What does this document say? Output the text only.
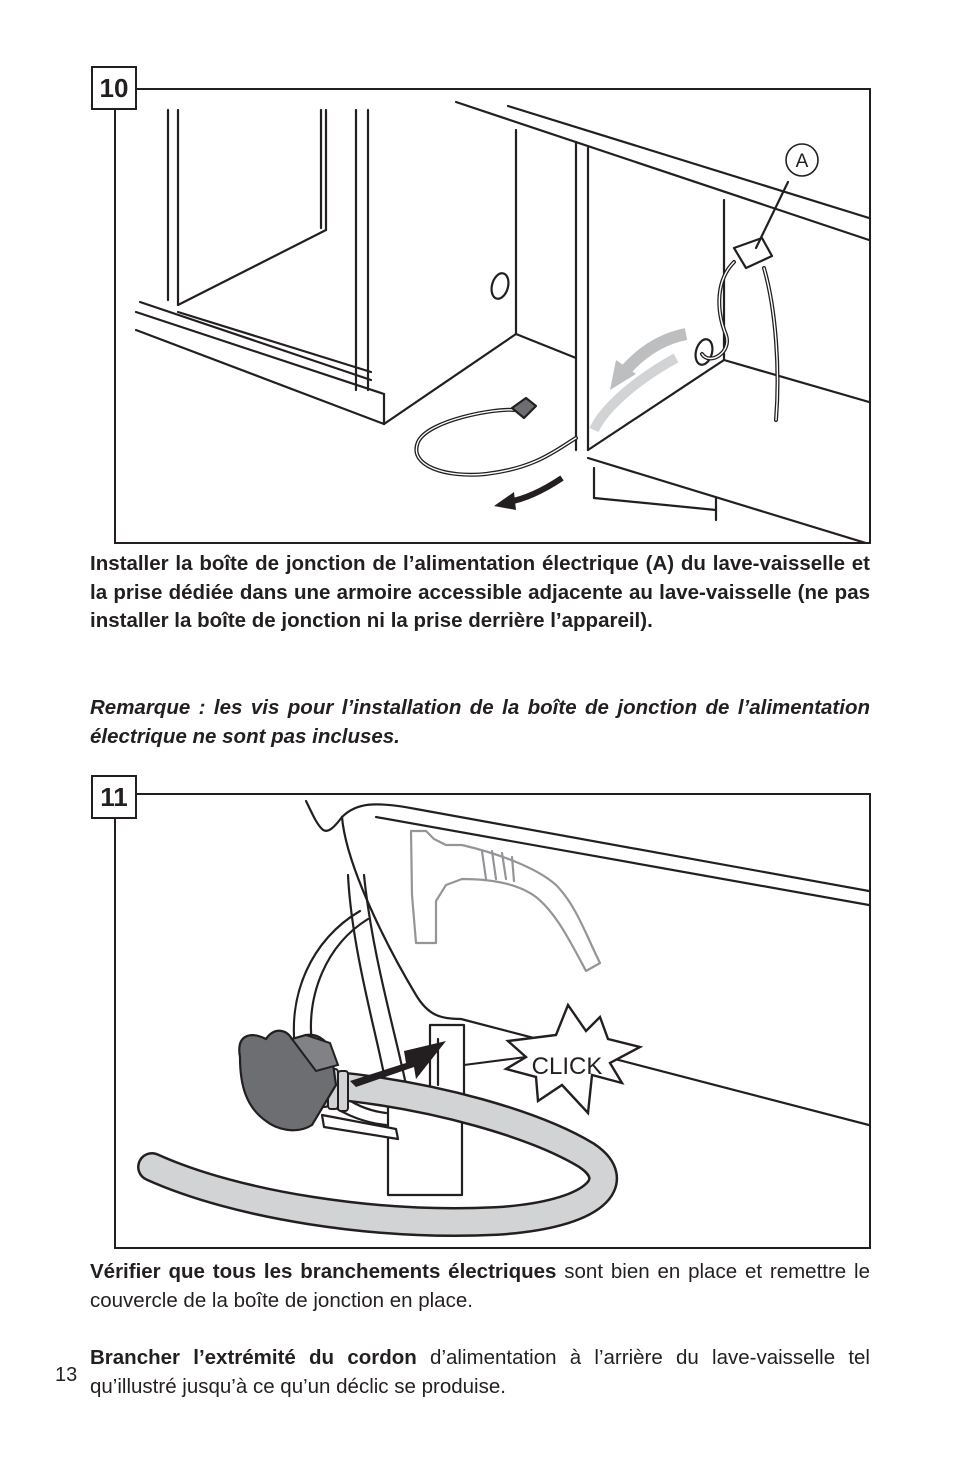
A
10

Installer la boîte de jonction de l’alimentation électrique (A) du lave-vaisselle et la prise dédiée dans une armoire accessible adjacente au lave-vaisselle (ne pas installer la boîte de jonction ni la prise derrière l’appareil).

Remarque : les vis pour l’installation de la boîte de jonction de l’alimentation électrique ne sont pas incluses.

CLICK
11

Vérifier que tous les branchements électriques sont bien en place et remettre le couvercle de la boîte de jonction en place.

Brancher l’extrémité du cordon d’alimentation à l’arrière du lave-vaisselle tel qu’illustré jusqu’à ce qu’un déclic se produise.

13
